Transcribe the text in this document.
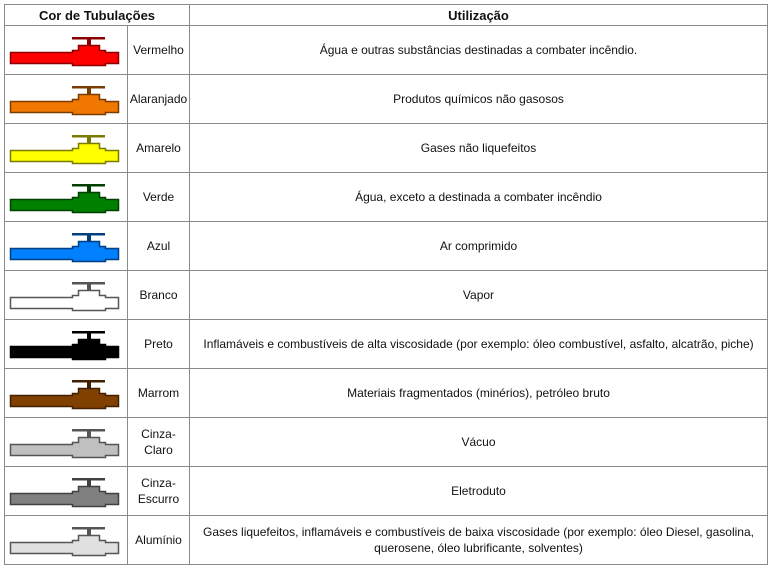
Cor de Tubulações		Utilização

	Vermelho	Água e outras substâncias destinadas a combater incêndio.

	Alaranjado	Produtos químicos não gasosos

	Amarelo	Gases não liquefeitos

	Verde	Água, exceto a destinada a combater incêndio

	Azul	Ar comprimido

	Branco	Vapor

	Preto	Inflamáveis e combustíveis de alta viscosidade (por exemplo: óleo combustível, asfalto, alcatrão, piche)

	Marrom	Materiais fragmentados (minérios), petróleo bruto

	Cinza-Claro	Vácuo

	Cinza-Escurro	Eletroduto

	Alumínio	Gases liquefeitos, inflamáveis e combustíveis de baixa viscosidade (por exemplo: óleo Diesel, gasolina, querosene, óleo lubrificante, solventes)
